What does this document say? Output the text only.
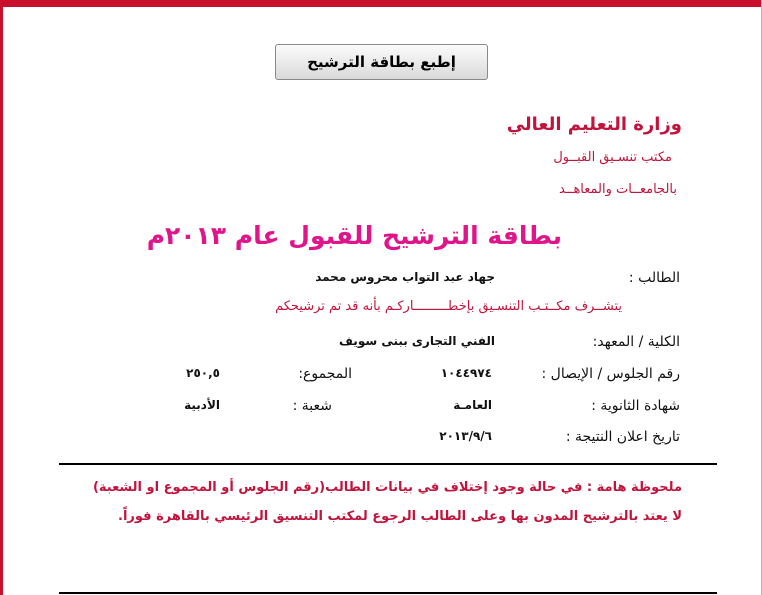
إطبع بطاقة الترشيح
وزارة التعليم العالي
مكتب تنسـيق القبــول
بالجامعــات والمعاهــد
بطاقة الترشيح للقبول عام ٢٠١٣م
الطالب :
جهاد عبد التواب محروس محمد
يتشــرف مكــتـب التنسـيق بإخطـــــــــاركـم بأنه قد تم ترشيحكم
الكلية / المعهد:
الفني التجارى ببنى سويف
رقم الجلوس / الإيصال :
١٠٤٤٩٧٤
المجموع:
٢٥٠,٥
شهادة الثانوية :
العامـة
شعبة :
الأدبية
تاريخ اعلان النتيجة :
٢٠١٣/٩/٦
ملحوظة هامة : في حالة وجود إختلاف في بيانات الطالب(رقم الجلوس أو المجموع او الشعبة)
لا يعتد بالترشيح المدون بها وعلى الطالب الرجوع لمكتب التنسيق الرئيسي بالقاهرة فوراً.
